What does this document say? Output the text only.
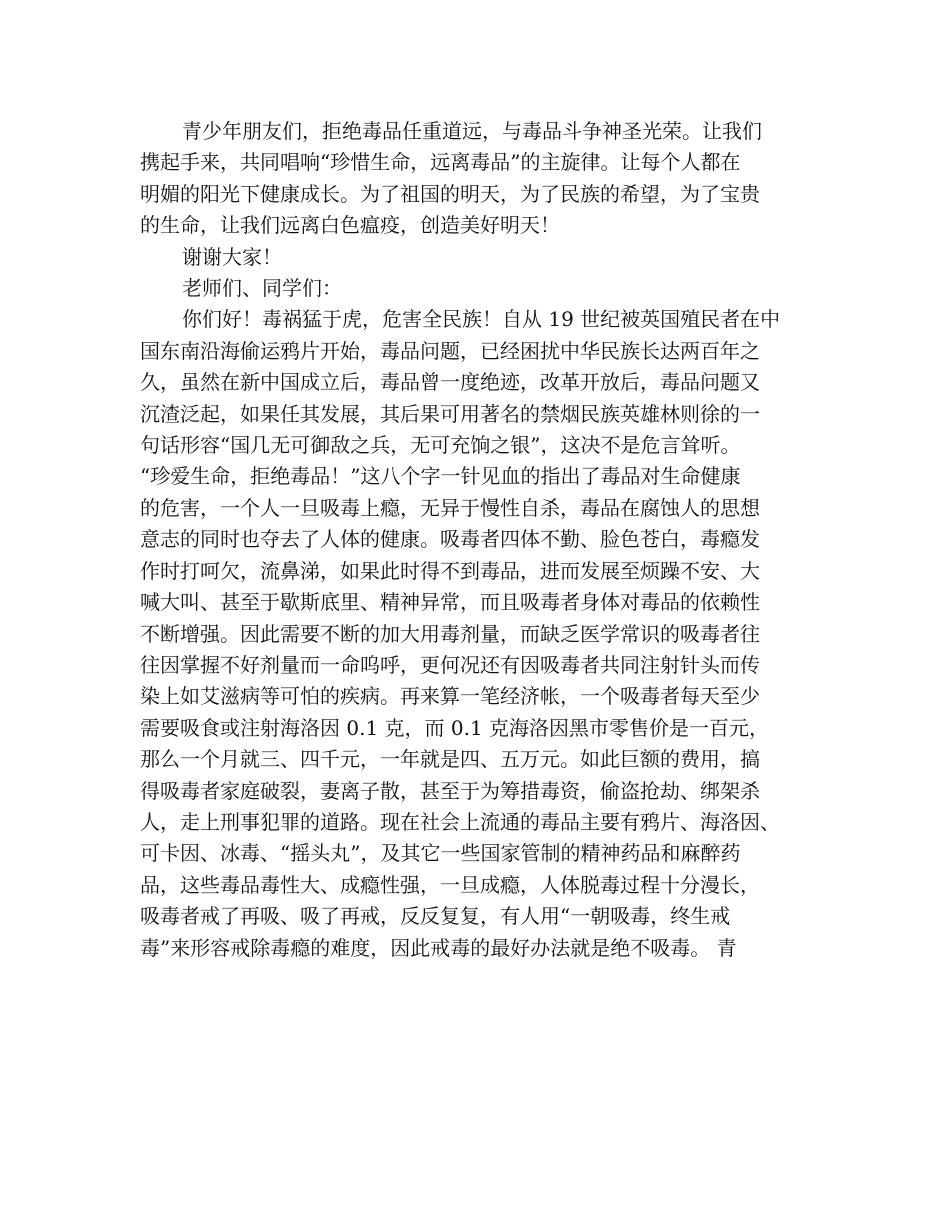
青少年朋友们，拒绝毒品任重道远，与毒品斗争神圣光荣。让我们
携起手来，共同唱响“珍惜生命，远离毒品”的主旋律。让每个人都在
明媚的阳光下健康成长。为了祖国的明天，为了民族的希望，为了宝贵
的生命，让我们远离白色瘟疫，创造美好明天！

谢谢大家！

老师们、同学们：

你们好！毒祸猛于虎，危害全民族！自从 19 世纪被英国殖民者在中
国东南沿海偷运鸦片开始，毒品问题，已经困扰中华民族长达两百年之
久，虽然在新中国成立后，毒品曾一度绝迹，改革开放后，毒品问题又
沉渣泛起，如果任其发展，其后果可用著名的禁烟民族英雄林则徐的一
句话形容“国几无可御敌之兵，无可充饷之银”，这决不是危言耸听。
“珍爱生命，拒绝毒品！”这八个字一针见血的指出了毒品对生命健康
的危害，一个人一旦吸毒上瘾，无异于慢性自杀，毒品在腐蚀人的思想
意志的同时也夺去了人体的健康。吸毒者四体不勤、脸色苍白，毒瘾发
作时打呵欠，流鼻涕，如果此时得不到毒品，进而发展至烦躁不安、大
喊大叫、甚至于歇斯底里、精神异常，而且吸毒者身体对毒品的依赖性
不断增强。因此需要不断的加大用毒剂量，而缺乏医学常识的吸毒者往
往因掌握不好剂量而一命呜呼，更何况还有因吸毒者共同注射针头而传
染上如艾滋病等可怕的疾病。再来算一笔经济帐，一个吸毒者每天至少
需要吸食或注射海洛因 0.1 克，而 0.1 克海洛因黑市零售价是一百元，
那么一个月就三、四千元，一年就是四、五万元。如此巨额的费用，搞
得吸毒者家庭破裂，妻离子散，甚至于为筹措毒资，偷盗抢劫、绑架杀
人，走上刑事犯罪的道路。现在社会上流通的毒品主要有鸦片、海洛因、
可卡因、冰毒、“摇头丸”，及其它一些国家管制的精神药品和麻醉药
品，这些毒品毒性大、成瘾性强，一旦成瘾，人体脱毒过程十分漫长，
吸毒者戒了再吸、吸了再戒，反反复复，有人用“一朝吸毒，终生戒
毒”来形容戒除毒瘾的难度，因此戒毒的最好办法就是绝不吸毒。 青
